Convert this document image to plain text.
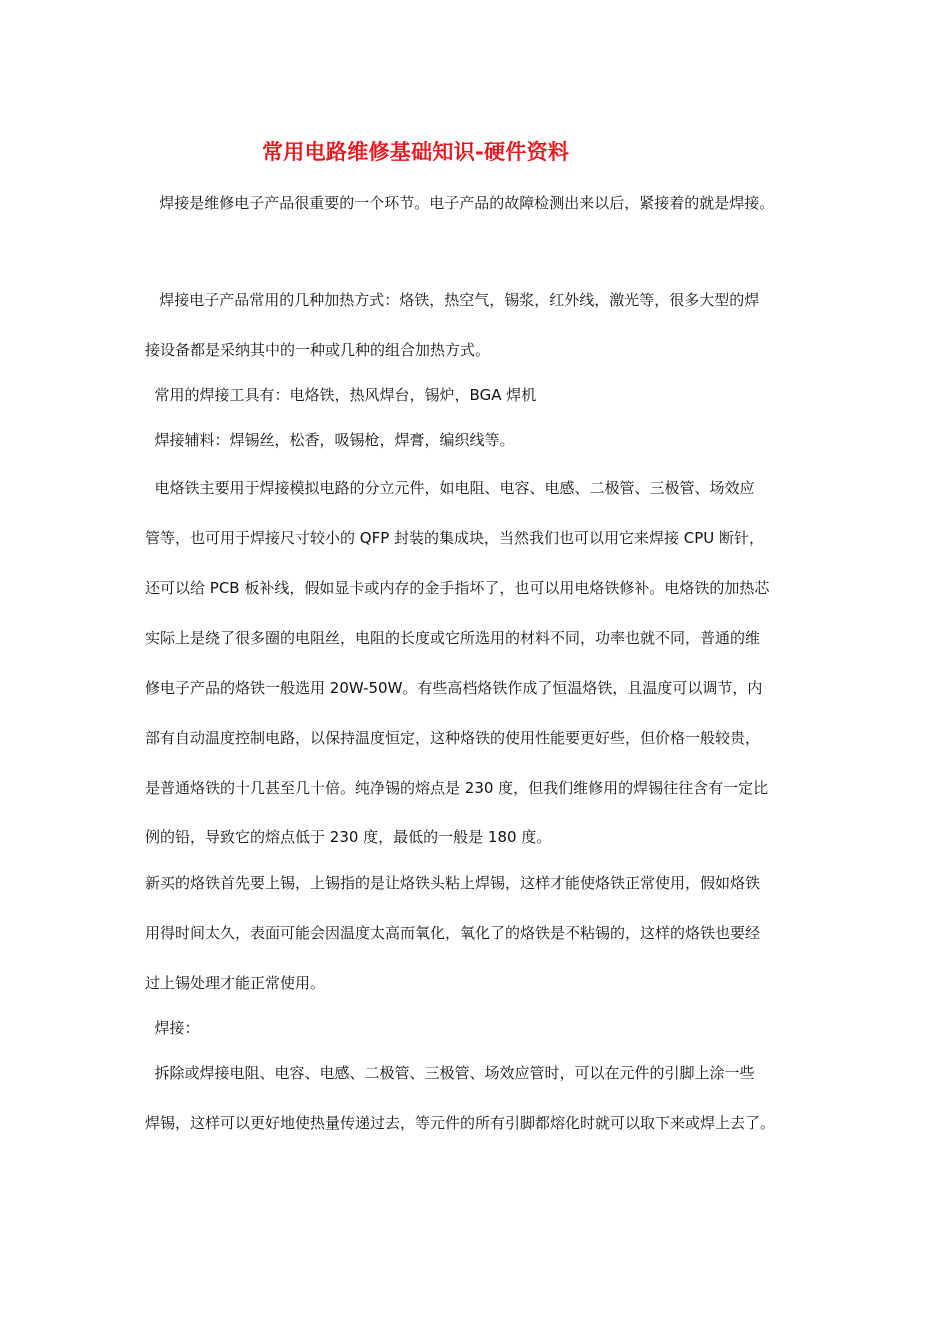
常用电路维修基础知识-硬件资料
焊接是维修电子产品很重要的一个环节。电子产品的故障检测出来以后，紧接着的就是焊接。
焊接电子产品常用的几种加热方式：烙铁，热空气，锡浆，红外线，激光等，很多大型的焊
接设备都是采纳其中的一种或几种的组合加热方式。
常用的焊接工具有：电烙铁，热风焊台，锡炉，BGA 焊机
焊接辅料：焊锡丝，松香，吸锡枪，焊膏，编织线等。
电烙铁主要用于焊接模拟电路的分立元件，如电阻、电容、电感、二极管、三极管、场效应
管等，也可用于焊接尺寸较小的 QFP 封装的集成块，当然我们也可以用它来焊接 CPU 断针，
还可以给 PCB 板补线，假如显卡或内存的金手指坏了，也可以用电烙铁修补。电烙铁的加热芯
实际上是绕了很多圈的电阻丝，电阻的长度或它所选用的材料不同，功率也就不同，普通的维
修电子产品的烙铁一般选用 20W-50W。有些高档烙铁作成了恒温烙铁，且温度可以调节，内
部有自动温度控制电路，以保持温度恒定，这种烙铁的使用性能要更好些，但价格一般较贵，
是普通烙铁的十几甚至几十倍。纯净锡的熔点是 230 度，但我们维修用的焊锡往往含有一定比
例的铅，导致它的熔点低于 230 度，最低的一般是 180 度。
新买的烙铁首先要上锡，上锡指的是让烙铁头粘上焊锡，这样才能使烙铁正常使用，假如烙铁
用得时间太久，表面可能会因温度太高而氧化，氧化了的烙铁是不粘锡的，这样的烙铁也要经
过上锡处理才能正常使用。
焊接：
拆除或焊接电阻、电容、电感、二极管、三极管、场效应管时，可以在元件的引脚上涂一些
焊锡，这样可以更好地使热量传递过去，等元件的所有引脚都熔化时就可以取下来或焊上去了。
